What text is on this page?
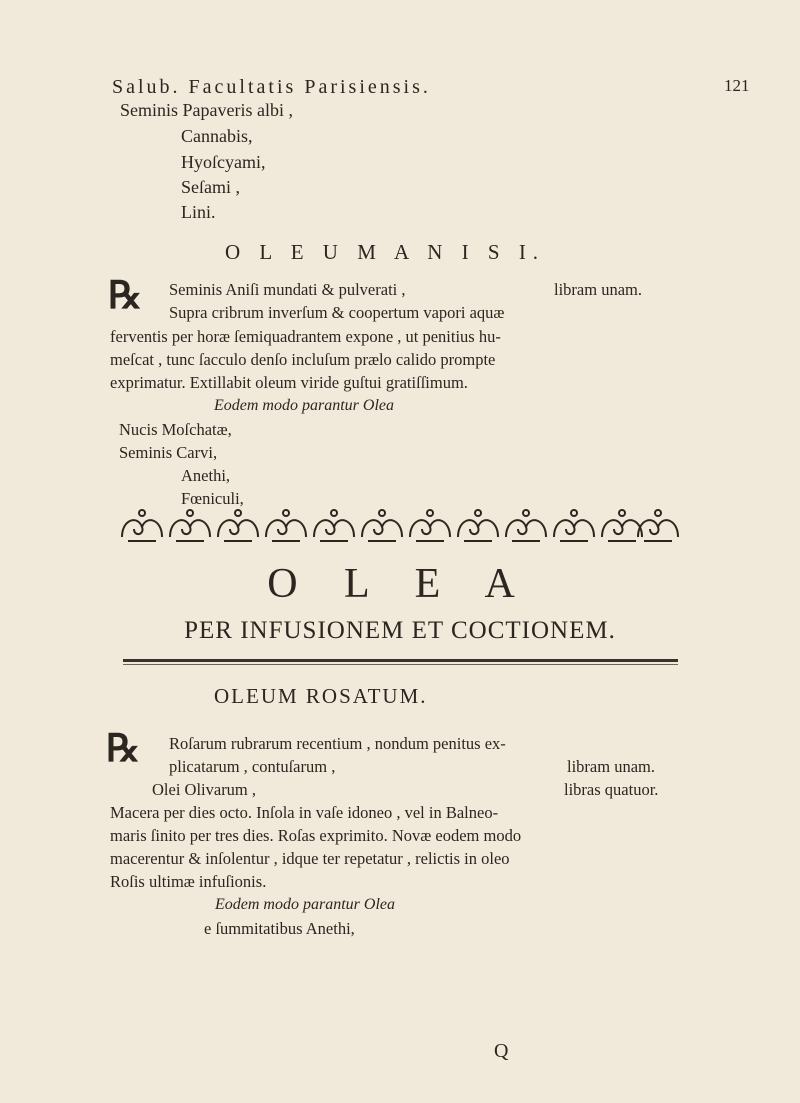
Salub. Facultatis Parisiensis.	121
Seminis Papaveris albi ,
Cannabis,
Hyoſcyami,
Seſami ,
Lini.
O L E U M A N I S I.
℞ Seminis Aniſi mundati & pulverati ,	libram unam.
Supra cribrum inverſum & coopertum vapori aquæ
ferventis per horæ ſemiquadrantem expone , ut penitius hu-
meſcat , tunc ſacculo denſo incluſum prælo calido prompte
exprimatur. Extillabit oleum viride guſtui gratiſſimum.
Eodem modo parantur Olea
Nucis Moſchatæ,
Seminis Carvi,
Anethi,
Fœniculi,
O L E A
PER INFUSIONEM ET COCTIONEM.
OLEUM ROSATUM.
℞ Roſarum rubrarum recentium , nondum penitus ex-
plicatarum , contuſarum ,	libram unam.
Olei Olivarum ,	libras quatuor.
Macera per dies octo. Inſola in vaſe idoneo , vel in Balneo-
maris ſinito per tres dies. Roſas exprimito. Novæ eodem modo
macerentur & inſolentur , idque ter repetatur , relictis in oleo
Roſis ultimæ infuſionis.
Eodem modo parantur Olea
e ſummitatibus Anethi,
Q
